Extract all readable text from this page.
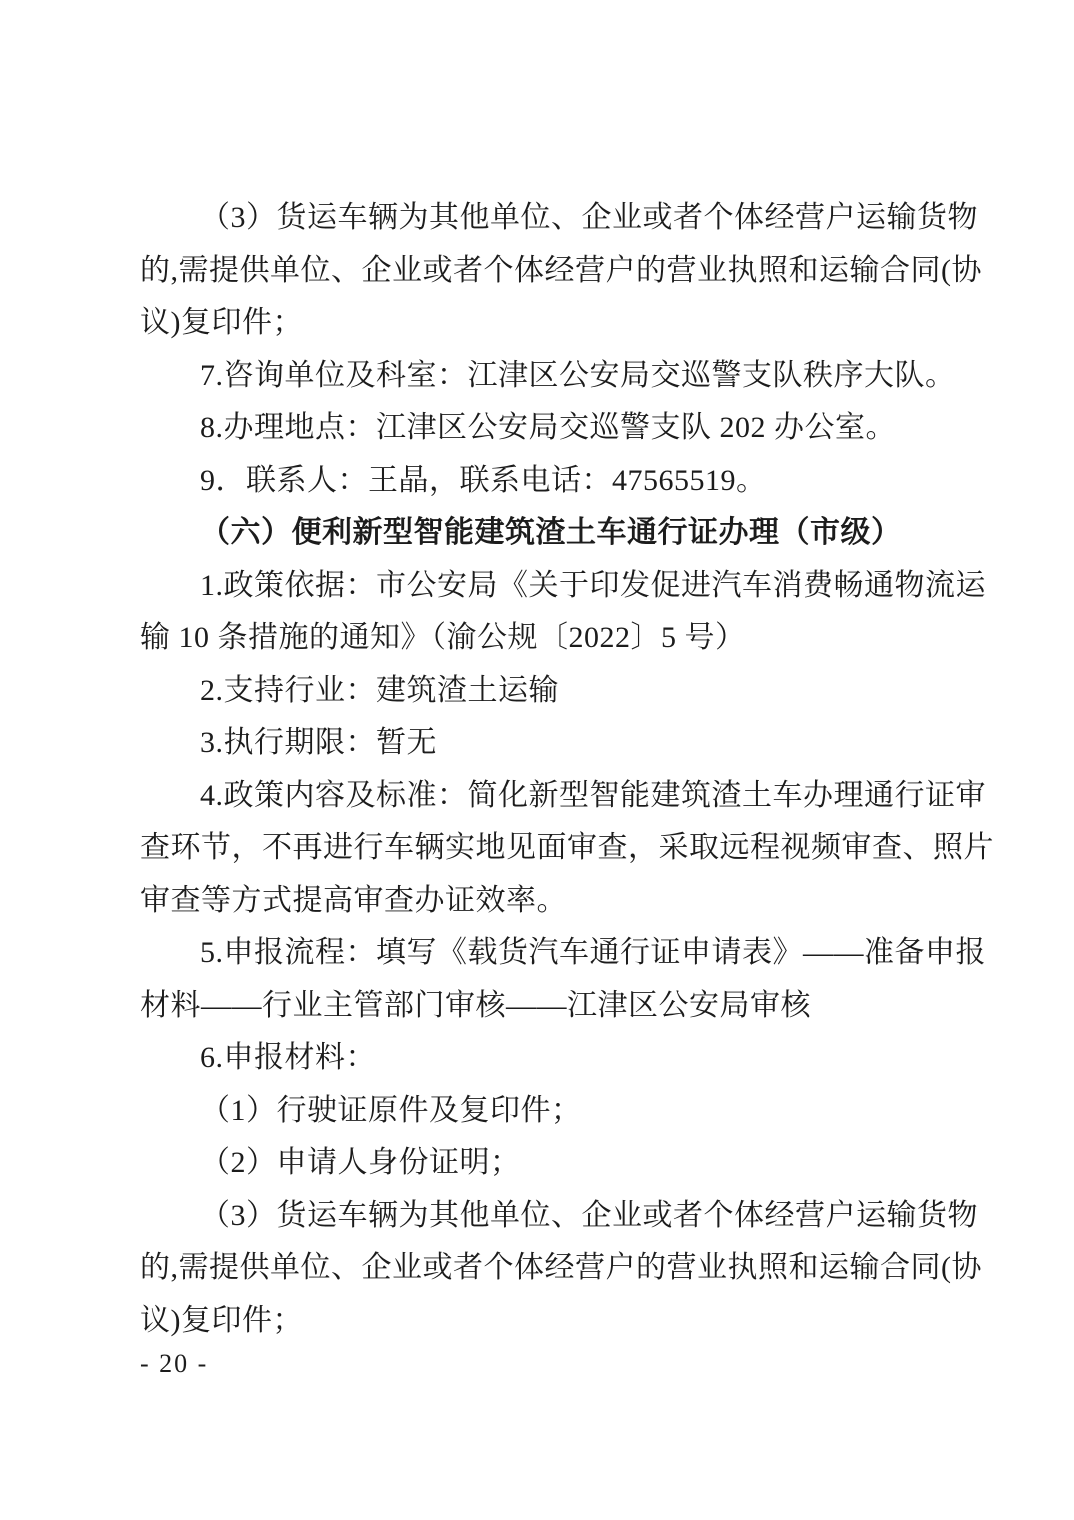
（3）货运车辆为其他单位、企业或者个体经营户运输货物
的,需提供单位、企业或者个体经营户的营业执照和运输合同(协
议)复印件；
7.咨询单位及科室：江津区公安局交巡警支队秩序大队。
8.办理地点：江津区公安局交巡警支队 202 办公室。
9．联系人：王晶，联系电话：47565519。
（六）便利新型智能建筑渣土车通行证办理（市级）
1.政策依据：市公安局《关于印发促进汽车消费畅通物流运
输 10 条措施的通知》（渝公规〔2022〕5 号）
2.支持行业：建筑渣土运输
3.执行期限：暂无
4.政策内容及标准：简化新型智能建筑渣土车办理通行证审
查环节，不再进行车辆实地见面审查，采取远程视频审查、照片
审查等方式提高审查办证效率。
5.申报流程：填写《载货汽车通行证申请表》——准备申报
材料——行业主管部门审核——江津区公安局审核
6.申报材料：
（1）行驶证原件及复印件；
（2）申请人身份证明；
（3）货运车辆为其他单位、企业或者个体经营户运输货物
的,需提供单位、企业或者个体经营户的营业执照和运输合同(协
议)复印件；
- 20 -
